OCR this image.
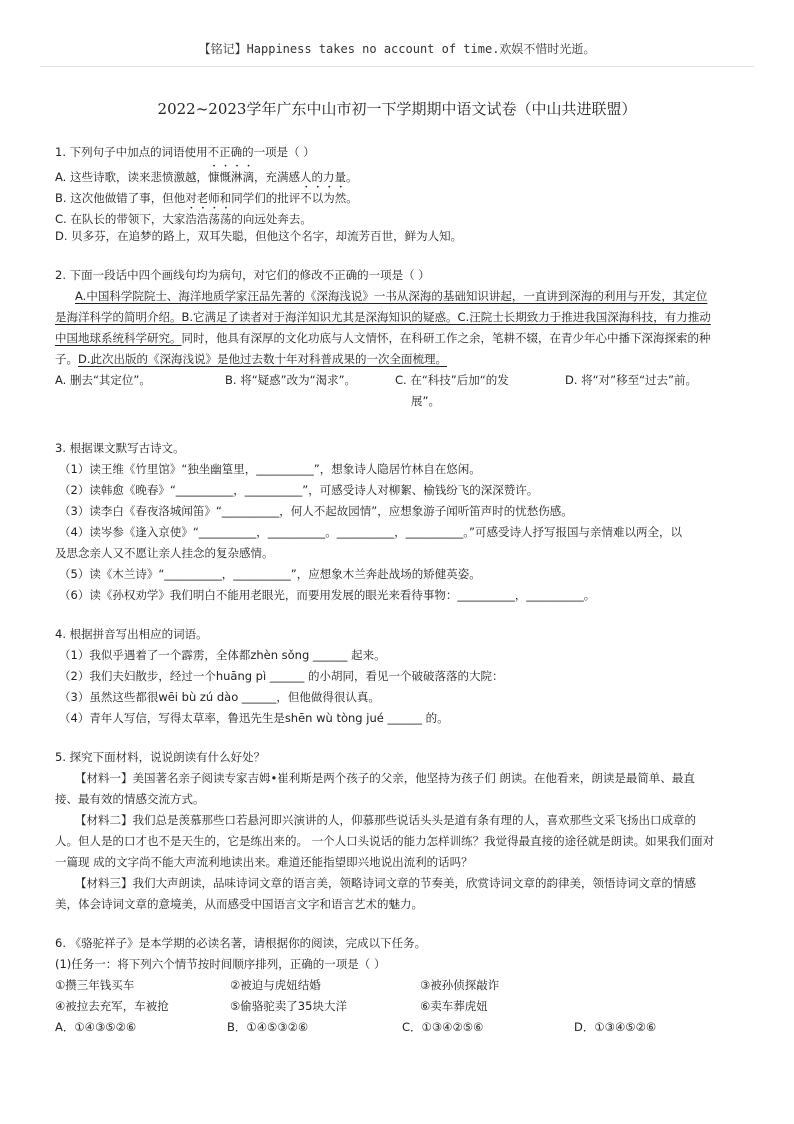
【铭记】Happiness takes no account of time.欢娱不惜时光逝。
2022~2023学年广东中山市初一下学期期中语文试卷（中山共进联盟）
1. 下列句子中加点的词语使用不正确的一项是（ ）
A. 这些诗歌，读来悲愤激越，慷慨淋漓，充满感人的力量。
B. 这次他做错了事，但他对老师和同学们的批评不以为然。
C. 在队长的带领下，大家浩浩荡荡的向远处奔去。
D. 贝多芬，在追梦的路上，双耳失聪，但他这个名字，却流芳百世，鲜为人知。
2. 下面一段话中四个画线句均为病句，对它们的修改不正确的一项是（ ）
A.中国科学院院士、海洋地质学家汪品先著的《深海浅说》一书从深海的基础知识讲起，一直讲到深海的利用与开发，其定位
是海洋科学的简明介绍。B.它满足了读者对于海洋知识尤其是深海知识的疑惑。C.汪院士长期致力于推进我国深海科技，有力推动
中国地球系统科学研究。同时，他具有深厚的文化功底与人文情怀，在科研工作之余，笔耕不辍，在青少年心中播下深海探索的种
子。D.此次出版的《深海浅说》是他过去数十年对科普成果的一次全面梳理。
A. 删去“其定位”。	B. 将“疑惑”改为“渴求”。	C. 在“科技”后加“的发
展”。
D. 将“对”移至“过去”前。
3. 根据课文默写古诗文。
（1）读王维《竹里馆》“独坐幽篁里，__________”，想象诗人隐居竹林自在悠闲。
（2）读韩愈《晚春》“__________，__________”，可感受诗人对柳絮、榆钱纷飞的深深赞许。
（3）读李白《春夜洛城闻笛》“__________，何人不起故园情”，应想象游子闻听笛声时的忧愁伤感。
（4）读岑参《逢入京使》“__________，__________。__________，__________。”可感受诗人抒写报国与亲情难以两全，以
及思念亲人又不愿让亲人挂念的复杂感情。
（5）读《木兰诗》“__________，__________”，应想象木兰奔赴战场的矫健英姿。
（6）读《孙权劝学》我们明白不能用老眼光，而要用发展的眼光来看待事物：__________，__________。
4. 根据拼音写出相应的词语。
（1）我似乎遇着了一个霹雳，全体都zhèn sǒng ______ 起来。
（2）我们夫妇散步，经过一个huāng pì ______ 的小胡同，看见一个破破落落的大院：
（3）虽然这些都很wēi bù zú dào ______，但他做得很认真。
（4）青年人写信，写得太草率，鲁迅先生是shēn wù tòng jué ______ 的。
5. 探究下面材料，说说朗读有什么好处？
【材料一】美国著名亲子阅读专家吉姆•崔利斯是两个孩子的父亲，他坚持为孩子们 朗读。在他看来，朗读是最简单、最直
接、最有效的情感交流方式。
【材料二】我们总是羡慕那些口若悬河即兴演讲的人，仰慕那些说话头头是道有条有理的人，喜欢那些文采飞扬出口成章的
人。但人是的口才也不是天生的，它是练出来的。 一个人口头说话的能力怎样训练？我觉得最直接的途径就是朗读。如果我们面对
一篇现 成的文字尚不能大声流利地读出来。难道还能指望即兴地说出流利的话吗？
【材料三】我们大声朗读，品味诗词文章的语言美，领略诗词文章的节奏美，欣赏诗词文章的韵律美，领悟诗词文章的情感
美，体会诗词文章的意境美，从而感受中国语言文字和语言艺术的魅力。
6. 《骆驼祥子》是本学期的必读名著，请根据你的阅读，完成以下任务。
(1)任务一：将下列六个情节按时间顺序排列，正确的一项是（ ）
①攒三年钱买车	②被迫与虎妞结婚	③被孙侦探敲诈
④被拉去充军，车被抢	⑤偷骆驼卖了35块大洋	⑥卖车葬虎妞
A．①④③⑤②⑥	B．①④⑤③②⑥	C．①③④②⑤⑥	D．①③④⑤②⑥
